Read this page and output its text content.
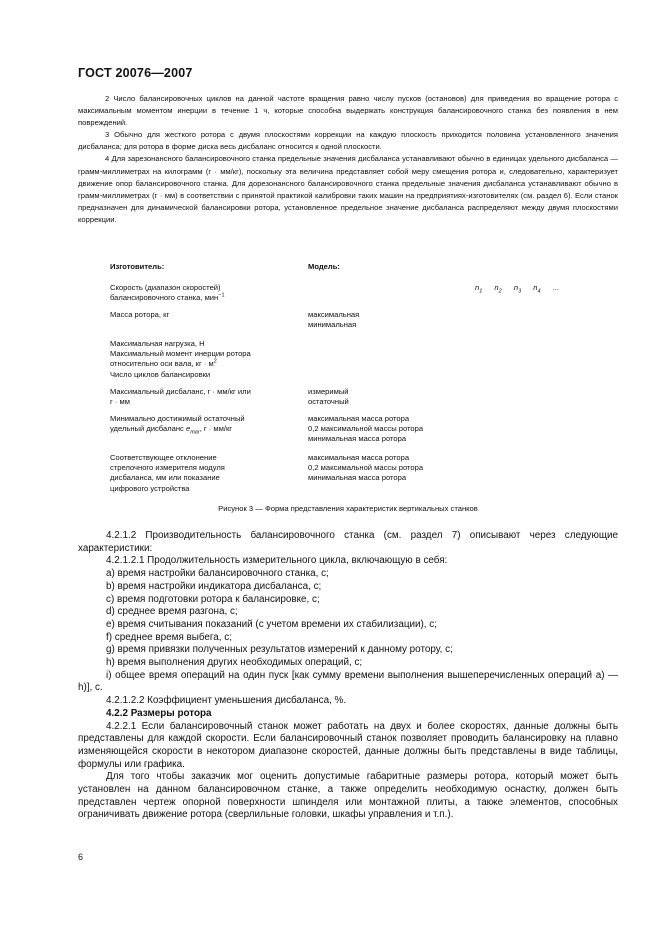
ГОСТ 20076—2007

2 Число балансировочных циклов на данной частоте вращения равно числу пусков (остановов) для приведения во вращение ротора с максимальным моментом инерции в течение 1 ч, которые способна выдержать конструкция балансировочного станка без появления в нем повреждений.

3 Обычно для жесткого ротора с двумя плоскостями коррекции на каждую плоскость приходится половина установленного значения дисбаланса; для ротора в форме диска весь дисбаланс относится к одной плоскости.

4 Для зарезонансного балансировочного станка предельные значения дисбаланса устанавливают обычно в единицах удельного дисбаланса — грамм-миллиметрах на килограмм (г · мм/кг), поскольку эта величина представляет собой меру смещения ротора и, следовательно, характеризует движение опор балансировочного станка. Для дорезонансного балансировочного станка предельные значения дисбаланса устанавливают обычно в грамм-миллиметрах (г · мм) в соответствии с принятой практикой калибровки таких машин на предприятиях-изготовителях (см. раздел 6). Если станок предназначен для динамической балансировки ротора, установленное предельное значение дисбаланса распределяют между двумя плоскостями коррекции.

Изготовитель:	Модель:
Скорость (диапазон скоростей)
балансировочного станка, мин$^{-1}$
$n_1$ $n_2$ $n_3$ $n_4$ ...
Масса ротора, кг	максимальная
минимальная
Максимальная нагрузка, Н
Максимальный момент инерции ротора
относительно оси вала, кг · $м^2$
Число циклов балансировки
Максимальный дисбаланс, г · мм/кг или
г · мм
измеримый
остаточный
Минимально достижимый остаточный
удельный дисбаланс $e_{mar}$, г · мм/кг
максимальная масса ротора
0,2 максимальной массы ротора
минимальная масса ротора
Соответствующее отклонение
стрелочного измерителя модуля
дисбаланса, мм или показание
цифрового устройства
максимальная масса ротора
0,2 максимальной массы ротора
минимальная масса ротора
Рисунок 3 — Форма представления характеристик вертикальных станков

4.2.1.2 Производительность балансировочного станка (см. раздел 7) описывают через следующие характеристики:

4.2.1.2.1 Продолжительность измерительного цикла, включающую в себя:

a) время настройки балансировочного станка, с;

b) время настройки индикатора дисбаланса, с;

c) время подготовки ротора к балансировке, с;

d) среднее время разгона, с;

e) время считывания показаний (с учетом времени их стабилизации), с;

f) среднее время выбега, с;

g) время привязки полученных результатов измерений к данному ротору, с;

h) время выполнения других необходимых операций, с;

i) общее время операций на один пуск [как сумму времени выполнения вышеперечисленных операций a) — h)], с.

4.2.1.2.2 Коэффициент уменьшения дисбаланса, %.

4.2.2 Размеры ротора

4.2.2.1 Если балансировочный станок может работать на двух и более скоростях, данные должны быть представлены для каждой скорости. Если балансировочный станок позволяет проводить балансировку на плавно изменяющейся скорости в некотором диапазоне скоростей, данные должны быть представлены в виде таблицы, формулы или графика.

Для того чтобы заказчик мог оценить допустимые габаритные размеры ротора, который может быть установлен на данном балансировочном станке, а также определить необходимую оснастку, должен быть представлен чертеж опорной поверхности шпинделя или монтажной плиты, а также элементов, способных ограничивать движение ротора (сверлильные головки, шкафы управления и т.п.).

6
